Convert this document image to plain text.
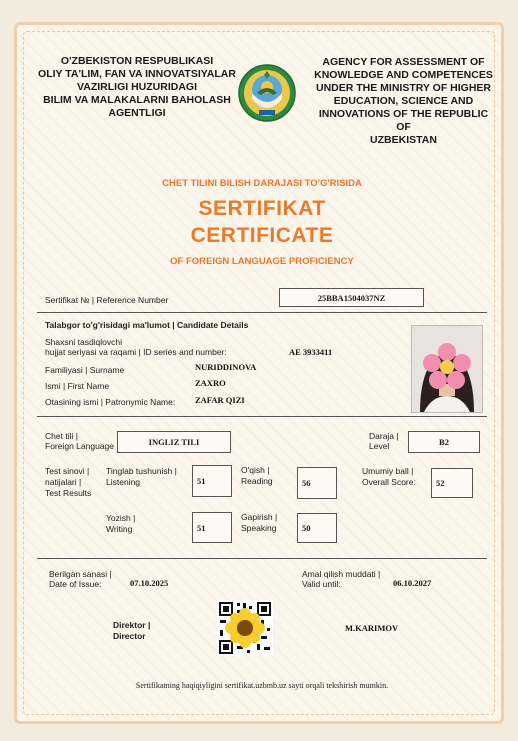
O'ZBEKISTON RESPUBLIKASI
OLIY TA'LIM, FAN VA INNOVATSIYALAR
VAZIRLIGI HUZURIDAGI
BILIM VA MALAKALARNI BAHOLASH
AGENTLIGI
AGENCY FOR ASSESSMENT OF
KNOWLEDGE AND COMPETENCES
UNDER THE MINISTRY OF HIGHER
EDUCATION, SCIENCE AND
INNOVATIONS OF THE REPUBLIC OF
UZBEKISTAN
CHET TILINI BILISH DARAJASI TO'G'RISIDA
SERTIFIKAT
CERTIFICATE
OF FOREIGN LANGUAGE PROFICIENCY
Sertifikat № | Reference Number	25BBA1504037NZ
Talabgor to'g'risidagi ma'lumot | Candidate Details
Shaxsni tasdiqlovchi
hujjat seriyasi va raqami | ID series and number:	AE 3933411
Familiyasi | Surname	NURIDDINOVA
Ismi | First Name	ZAXRO
Otasining ismi | Patronymic Name: ZAFAR QIZI
Chet tili |
Foreign Language	INGLIZ TILI
Daraja |
Level	B2
Test sinovi |
natijalari |
Test Results
Tinglab tushunish |
Listening	51
O'qish |
Reading	56
Umumiy ball |
Overall Score:	52
Yozish |
Writing	51
Gapirish |
Speaking	50
Berilgan sanasi |
Date of Issue:	07.10.2025
Amal qilish muddati |
Valid until:	06.10.2027
Direktor |
Director
M.KARIMOV
Sertifikatning haqiqiyligini sertifikat.uzbmb.uz sayti orqali tekshirish mumkin.
